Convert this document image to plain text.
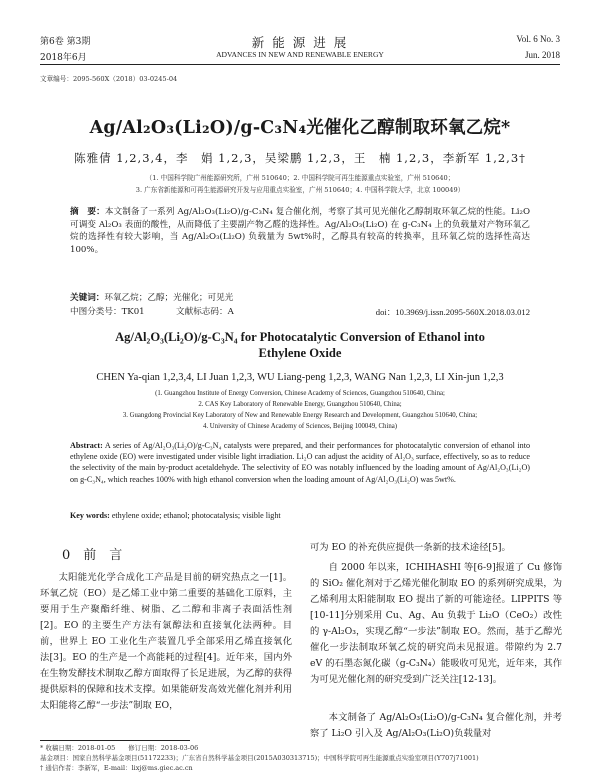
第6卷 第3期
2018年6月
新 能 源 进 展
ADVANCES IN NEW AND RENEWABLE ENERGY
Vol. 6 No. 3
Jun. 2018
文章编号：2095-560X（2018）03-0245-04
Ag/Al₂O₃(Li₂O)/g-C₃N₄光催化乙醇制取环氧乙烷*
陈雅倩 1,2,3,4，李　娟 1,2,3，吴梁鹏 1,2,3，王　楠 1,2,3，李新军 1,2,3†
（1. 中国科学院广州能源研究所，广州 510640；2. 中国科学院可再生能源重点实验室，广州 510640；
3. 广东省新能源和可再生能源研究开发与应用重点实验室，广州 510640；4. 中国科学院大学，北京 100049）
摘　要：本文制备了一系列 Ag/Al₂O₃(Li₂O)/g-C₃N₄ 复合催化剂，考察了其可见光催化乙醇制取环氧乙烷的性能。Li₂O 可调变 Al₂O₃ 表面的酸性，从而降低了主要副产物乙醛的选择性。Ag/Al₂O₃(Li₂O) 在 g-C₃N₄ 上的负载量对产物环氧乙烷的选择性有较大影响，当 Ag/Al₂O₃(Li₂O) 负载量为 5wt%时，乙醇具有较高的转换率，且环氧乙烷的选择性高达 100%。
关键词：环氧乙烷；乙醇；光催化；可见光
中图分类号：TK01	文献标志码：A	doi：10.3969/j.issn.2095-560X.2018.03.012
Ag/Al₂O₃(Li₂O)/g-C₃N₄ for Photocatalytic Conversion of Ethanol into
Ethylene Oxide
CHEN Ya-qian 1,2,3,4, LI Juan 1,2,3, WU Liang-peng 1,2,3, WANG Nan 1,2,3, LI Xin-jun 1,2,3
(1. Guangzhou Institute of Energy Conversion, Chinese Academy of Sciences, Guangzhou 510640, China;
2. CAS Key Laboratory of Renewable Energy, Guangzhou 510640, China;
3. Guangdong Provincial Key Laboratory of New and Renewable Energy Research and Development, Guangzhou 510640, China;
4. University of Chinese Academy of Sciences, Beijing 100049, China)
Abstract: A series of Ag/Al₂O₃(Li₂O)/g-C₃N₄ catalysts were prepared, and their performances for photocatalytic conversion of ethanol into ethylene oxide (EO) were investigated under visible light irradiation. Li₂O can adjust the acidity of Al₂O₃ surface, effectively, so as to reduce the selectivity of the main by-product acetaldehyde. The selectivity of EO was notably influenced by the loading amount of Ag/Al₂O₃(Li₂O) on g-C₃N₄, which reaches 100% with high ethanol conversion when the loading amount of Ag/Al₂O₃(Li₂O) was 5wt%.
Key words: ethylene oxide; ethanol; photocatalysis; visible light
0　前　言
太阳能光化学合成化工产品是目前的研究热点之一[1]。环氧乙烷（EO）是乙烯工业中第二重要的基础化工原料，主要用于生产聚酯纤维、树脂、乙二醇和非离子表面活性剂[2]。EO 的主要生产方法有氯醇法和直接氧化法两种。目前，世界上 EO 工业化生产装置几乎全部采用乙烯直接氧化法[3]。EO 的生产是一个高能耗的过程[4]。近年来，国内外在生物发酵技术制取乙醇方面取得了长足进展，为乙醇的获得提供原料的保障和技术支撑。如果能研发高效光催化剂并利用太阳能将乙醇“一步法”制取 EO，
可为 EO 的补充供应提供一条新的技术途径[5]。
自 2000 年以来，ICHIHASHI 等[6-9]报道了 Cu 修饰的 SiO₂ 催化剂对于乙烯光催化制取 EO 的系列研究成果，为乙烯利用太阳能制取 EO 提出了新的可能途径。LIPPITS 等[10-11]分别采用 Cu、Ag、Au 负载于 Li₂O（CeO₂）改性的 γ-Al₂O₃，实现乙醇“一步法”制取 EO。然而，基于乙醇光催化一步法制取环氧乙烷的研究尚未见报道。带隙约为 2.7 eV 的石墨态氮化碳（g-C₃N₄）能吸收可见光，近年来，其作为可见光催化剂的研究受到广泛关注[12-13]。
本文制备了 Ag/Al₂O₃(Li₂O)/g-C₃N₄ 复合催化剂，并考察了 Li₂O 引入及 Ag/Al₂O₃(Li₂O)负载量对
* 收稿日期：2018-01-05　　修订日期：2018-03-06
基金项目：国家自然科学基金项目(51172233)；广东省自然科学基金项目(2015A030313715)；中国科学院可再生能源重点实验室项目(Y707j71001)
† 通信作者：李新军，E-mail：lixj@ms.giec.ac.cn
